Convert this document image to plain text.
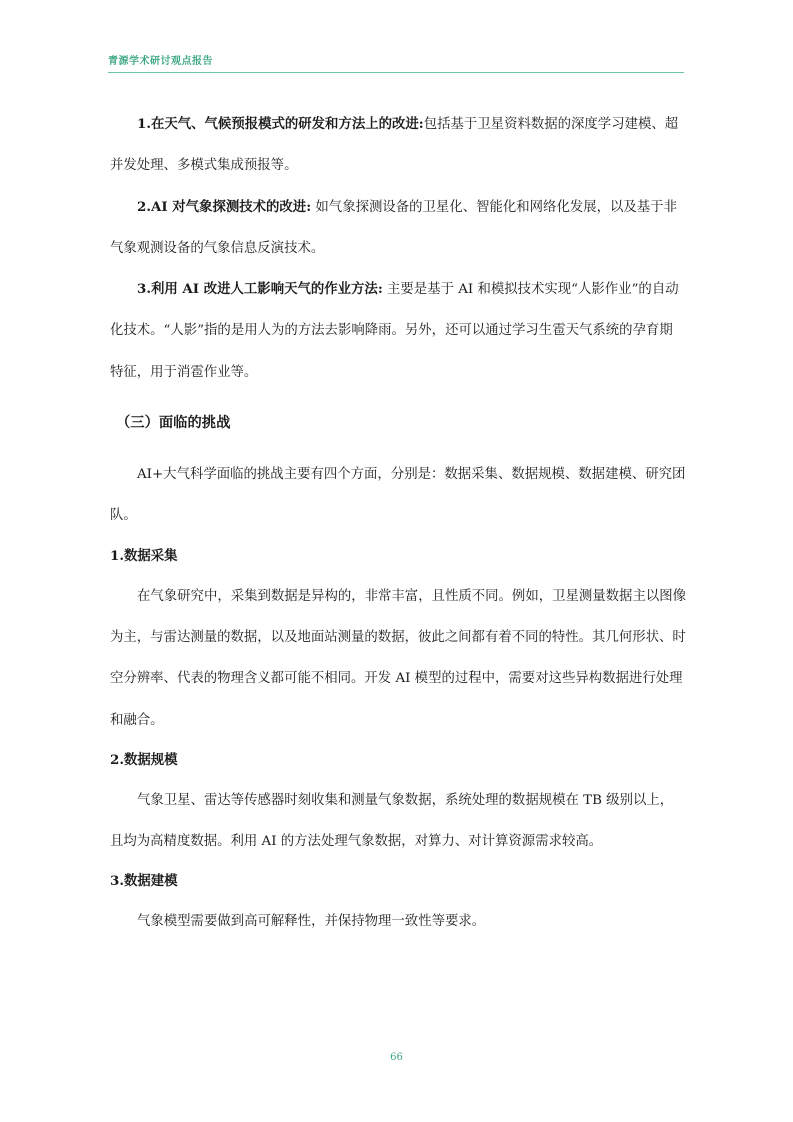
青源学术研讨观点报告

1.在天气、气候预报模式的研发和方法上的改进:包括基于卫星资料数据的深度学习建模、超并发处理、多模式集成预报等。

2.AI 对气象探测技术的改进: 如气象探测设备的卫星化、智能化和网络化发展，以及基于非气象观测设备的气象信息反演技术。

3.利用 AI 改进人工影响天气的作业方法: 主要是基于 AI 和模拟技术实现“人影作业”的自动化技术。“人影”指的是用人为的方法去影响降雨。另外，还可以通过学习生雹天气系统的孕育期特征，用于消雹作业等。

（三）面临的挑战

AI+大气科学面临的挑战主要有四个方面，分别是：数据采集、数据规模、数据建模、研究团队。

1.数据采集

在气象研究中，采集到数据是异构的，非常丰富，且性质不同。例如，卫星测量数据主以图像为主，与雷达测量的数据，以及地面站测量的数据，彼此之间都有着不同的特性。其几何形状、时空分辨率、代表的物理含义都可能不相同。开发 AI 模型的过程中，需要对这些异构数据进行处理和融合。

2.数据规模

气象卫星、雷达等传感器时刻收集和测量气象数据，系统处理的数据规模在 TB 级别以上，且均为高精度数据。利用 AI 的方法处理气象数据，对算力、对计算资源需求较高。

3.数据建模

气象模型需要做到高可解释性，并保持物理一致性等要求。

66
